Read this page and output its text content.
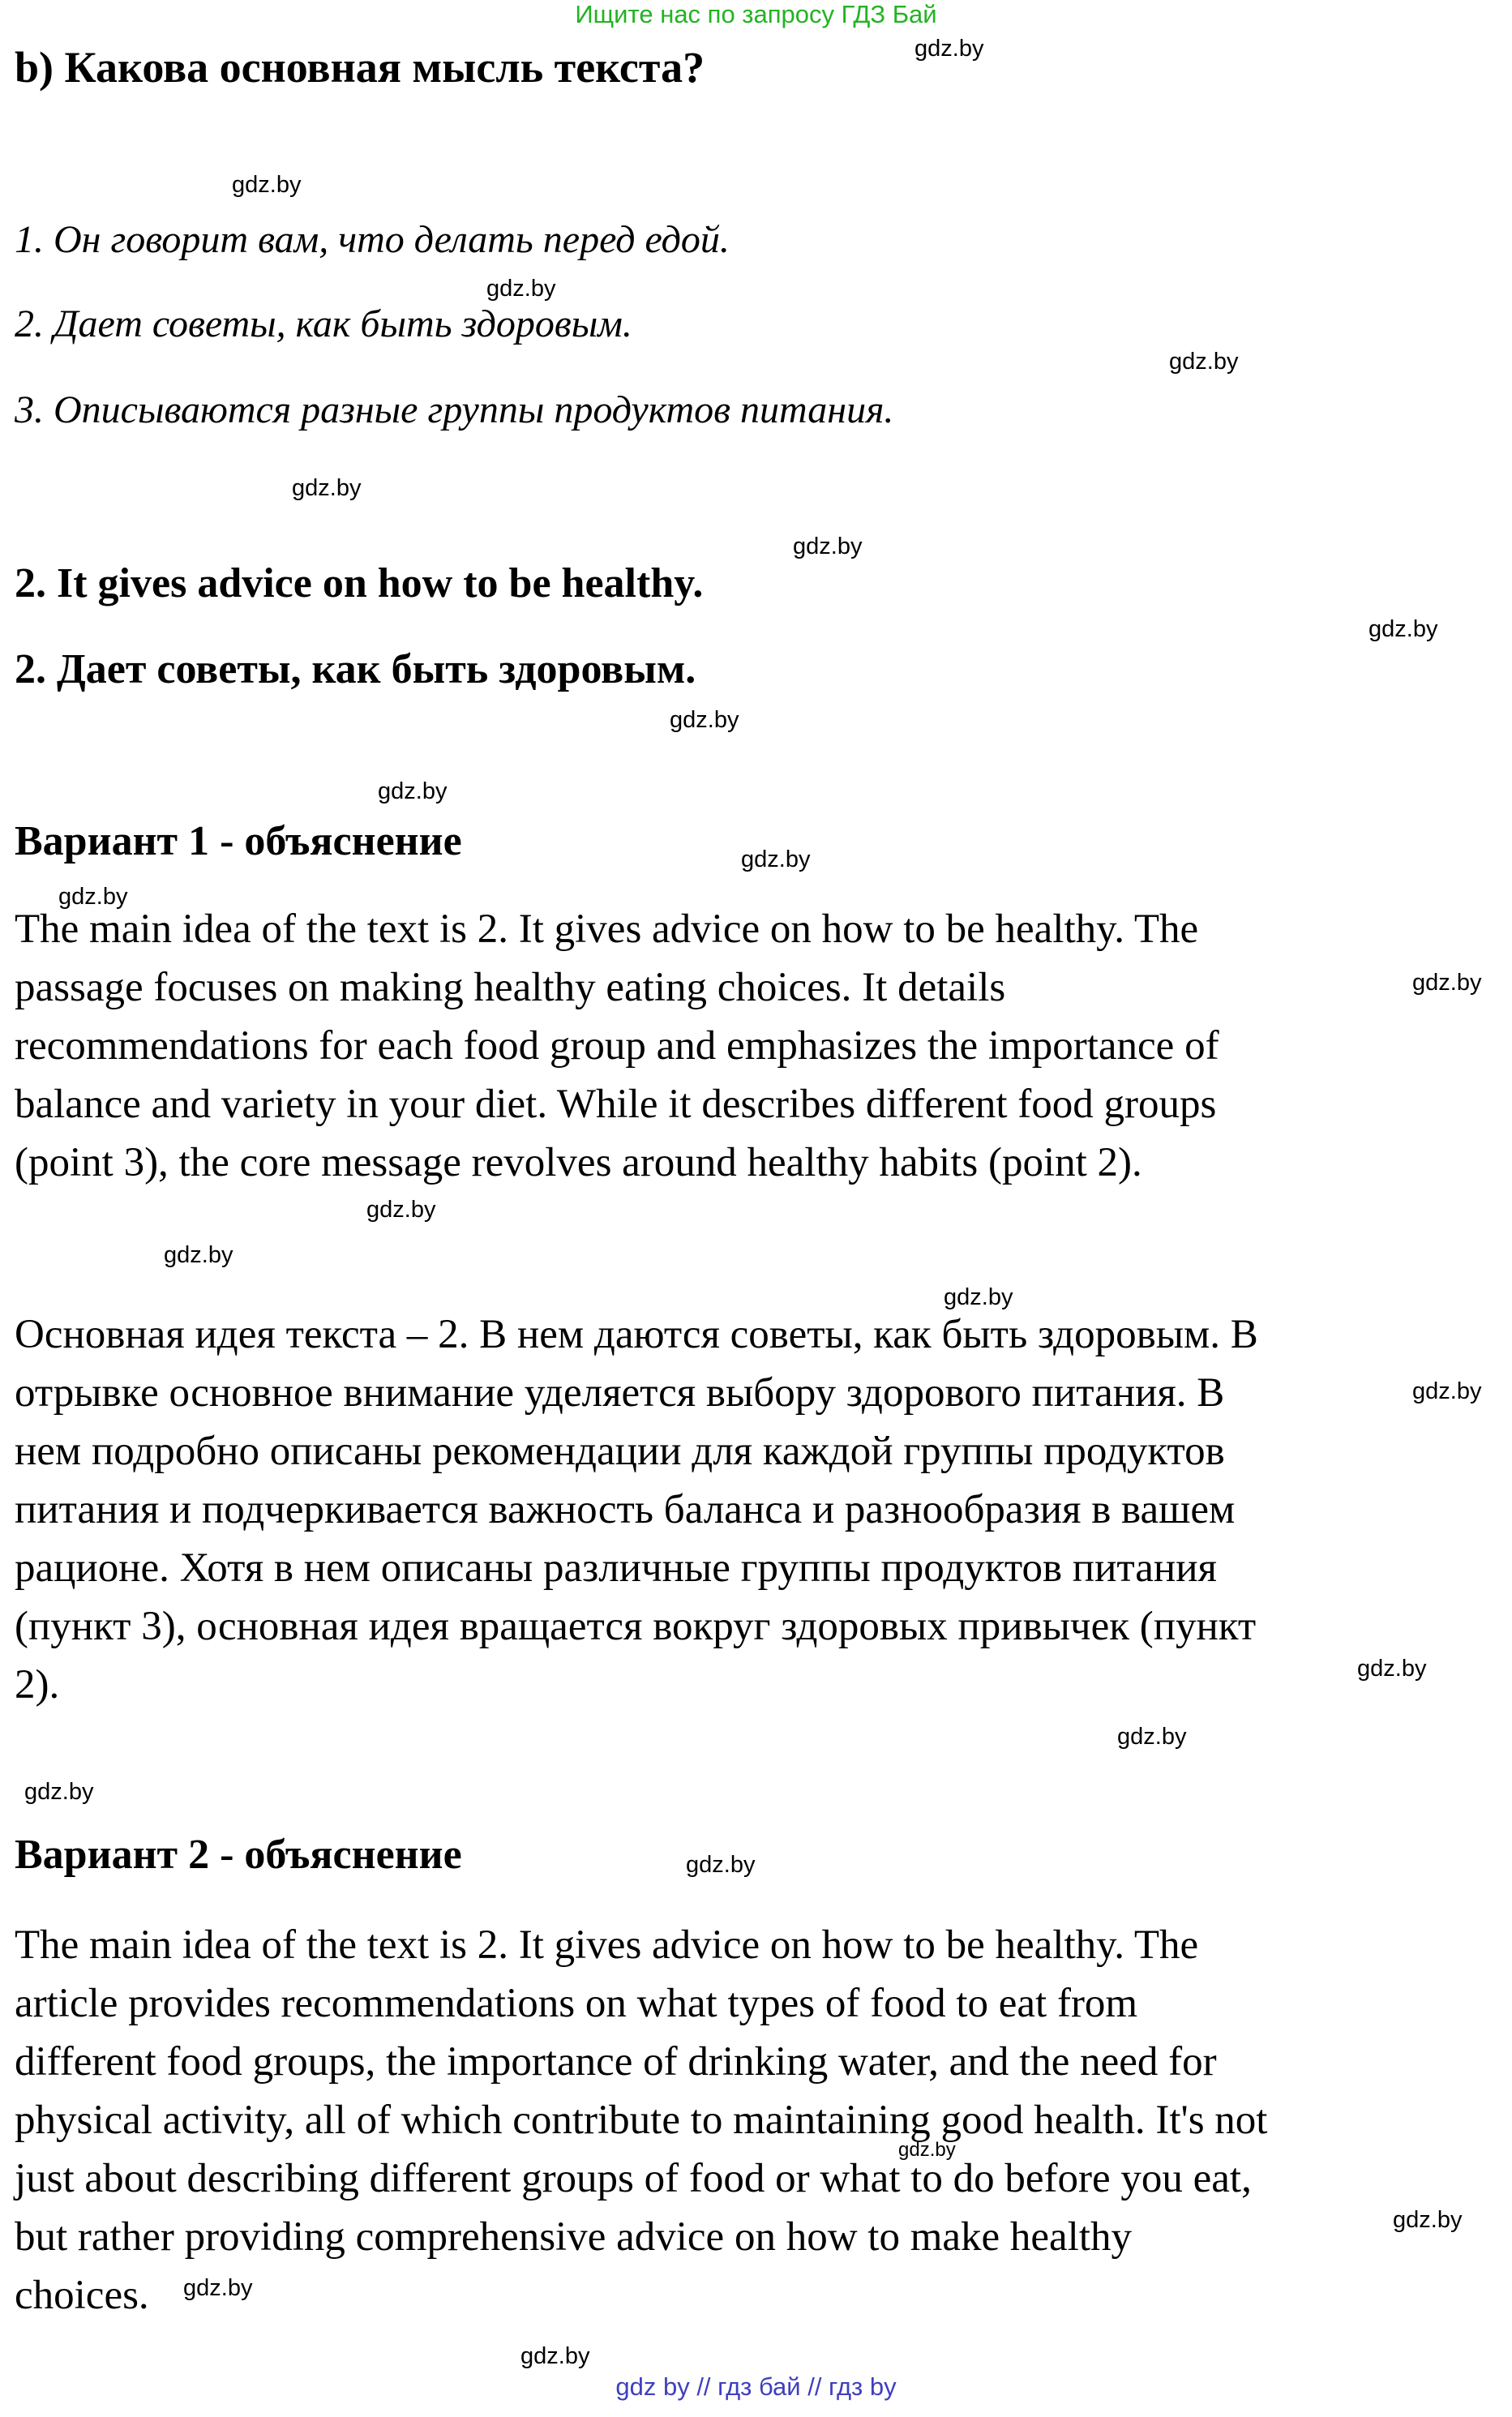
Ищите нас по запросу ГДЗ Бай
b) Какова основная мысль текста?
1. Он говорит вам, что делать перед едой.
2. Дает советы, как быть здоровым.
3. Описываются разные группы продуктов питания.
2. It gives advice on how to be healthy.
2. Дает советы, как быть здоровым.
Вариант 1 - объяснение
The main idea of the text is 2. It gives advice on how to be healthy. The
passage focuses on making healthy eating choices. It details
recommendations for each food group and emphasizes the importance of
balance and variety in your diet. While it describes different food groups
(point 3), the core message revolves around healthy habits (point 2).
Основная идея текста – 2. В нем даются советы, как быть здоровым. В
отрывке основное внимание уделяется выбору здорового питания. В
нем подробно описаны рекомендации для каждой группы продуктов
питания и подчеркивается важность баланса и разнообразия в вашем
рационе. Хотя в нем описаны различные группы продуктов питания
(пункт 3), основная идея вращается вокруг здоровых привычек (пункт
2).
Вариант 2 - объяснение
The main idea of the text is 2. It gives advice on how to be healthy. The
article provides recommendations on what types of food to eat from
different food groups, the importance of drinking water, and the need for
physical activity, all of which contribute to maintaining good health. It's not
just about describing different groups of food or what to do before you eat,
but rather providing comprehensive advice on how to make healthy
choices.
gdz.by
gdz.by
gdz.by
gdz.by
gdz.by
gdz.by
gdz.by
gdz.by
gdz.by
gdz.by
gdz.by
gdz.by
gdz.by
gdz.by
gdz.by
gdz.by
gdz.by
gdz.by
gdz.by
gdz.by
gdz.by
gdz.by
gdz.by
gdz.by
gdz by // гдз бай // гдз by
